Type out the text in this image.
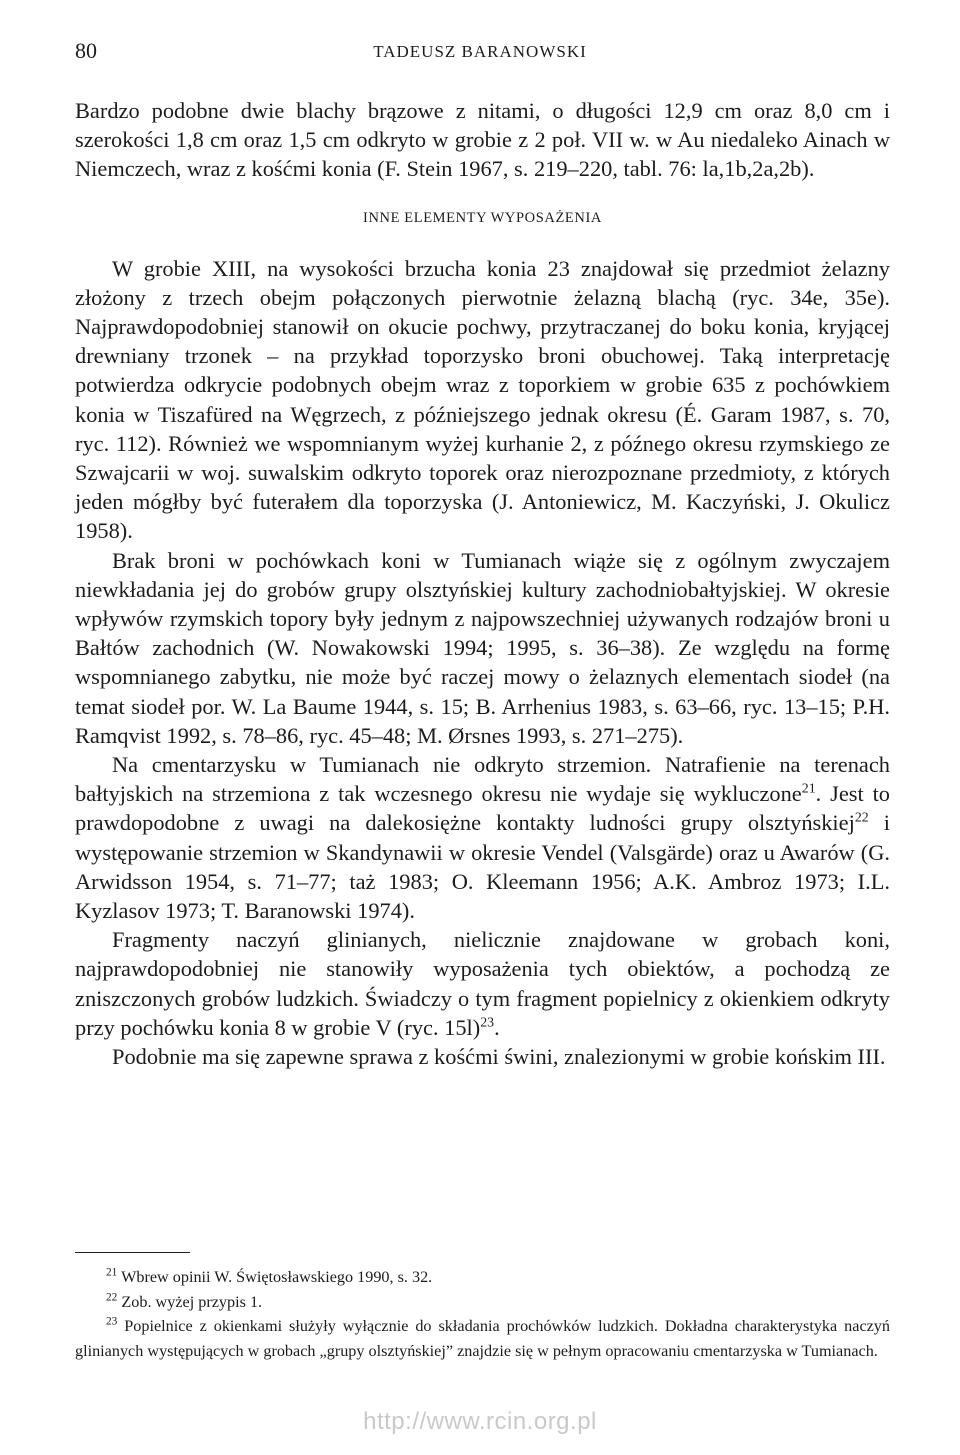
80	TADEUSZ BARANOWSKI

Bardzo podobne dwie blachy brązowe z nitami, o długości 12,9 cm oraz 8,0 cm i szerokości 1,8 cm oraz 1,5 cm odkryto w grobie z 2 poł. VII w. w Au niedaleko Ainach w Niemczech, wraz z kośćmi konia (F. Stein 1967, s. 219–220, tabl. 76: la,1b,2a,2b).

INNE ELEMENTY WYPOSAŻENIA

W grobie XIII, na wysokości brzucha konia 23 znajdował się przedmiot żelazny złożony z trzech obejm połączonych pierwotnie żelazną blachą (ryc. 34e, 35e). Najprawdopodobniej stanowił on okucie pochwy, przytraczanej do boku konia, kryjącej drewniany trzonek – na przykład toporzysko broni obuchowej. Taką interpretację potwierdza odkrycie podobnych obejm wraz z toporkiem w grobie 635 z pochówkiem konia w Tiszafüred na Węgrzech, z późniejszego jednak okresu (É. Garam 1987, s. 70, ryc. 112). Również we wspomnianym wyżej kurhanie 2, z późnego okresu rzymskiego ze Szwajcarii w woj. suwalskim odkryto toporek oraz nierozpoznane przedmioty, z których jeden mógłby być futerałem dla toporzyska (J. Antoniewicz, M. Kaczyński, J. Okulicz 1958).

Brak broni w pochówkach koni w Tumianach wiąże się z ogólnym zwyczajem niewkładania jej do grobów grupy olsztyńskiej kultury zachodniobałtyjskiej. W okresie wpływów rzymskich topory były jednym z najpowszechniej używanych rodzajów broni u Bałtów zachodnich (W. Nowakowski 1994; 1995, s. 36–38). Ze względu na formę wspomnianego zabytku, nie może być raczej mowy o żelaznych elementach siodeł (na temat siodeł por. W. La Baume 1944, s. 15; B. Arrhenius 1983, s. 63–66, ryc. 13–15; P.H. Ramqvist 1992, s. 78–86, ryc. 45–48; M. Ørsnes 1993, s. 271–275).

Na cmentarzysku w Tumianach nie odkryto strzemion. Natrafienie na terenach bałtyjskich na strzemiona z tak wczesnego okresu nie wydaje się wykluczone$^{21}$. Jest to prawdopodobne z uwagi na dalekosiężne kontakty ludności grupy olsztyńskiej$^{22}$ i występowanie strzemion w Skandynawii w okresie Vendel (Valsgärde) oraz u Awarów (G. Arwidsson 1954, s. 71–77; taż 1983; O. Kleemann 1956; A.K. Ambroz 1973; I.L. Kyzlasov 1973; T. Baranowski 1974).

Fragmenty naczyń glinianych, nielicznie znajdowane w grobach koni, najprawdopodobniej nie stanowiły wyposażenia tych obiektów, a pochodzą ze zniszczonych grobów ludzkich. Świadczy o tym fragment popielnicy z okienkiem odkryty przy pochówku konia 8 w grobie V (ryc. 15l)$^{23}$.

Podobnie ma się zapewne sprawa z kośćmi świni, znalezionymi w grobie końskim III.

$^{21}$ Wbrew opinii W. Świętosławskiego 1990, s. 32.

$^{22}$ Zob. wyżej przypis 1.

$^{23}$ Popielnice z okienkami służyły wyłącznie do składania prochówków ludzkich. Dokładna charakterystyka naczyń glinianych występujących w grobach „grupy olsztyńskiej” znajdzie się w pełnym opracowaniu cmentarzyska w Tumianach.

http://www.rcin.org.pl
